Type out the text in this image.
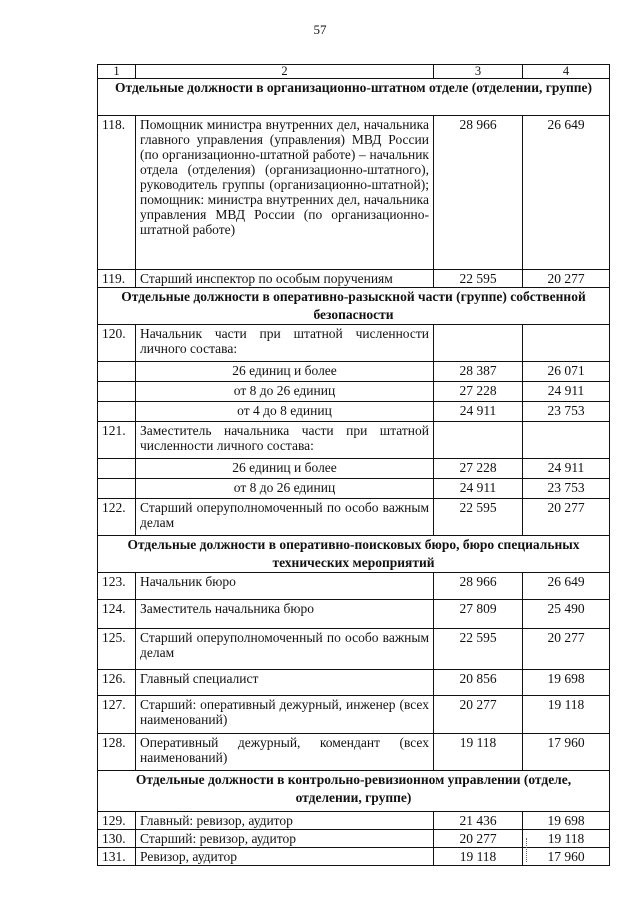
57
1	2	3	4
Отдельные должности в организационно-штатном отделе (отделении, группе)			
118.	Помощник министра внутренних дел, начальника главного управления (управления) МВД России (по организационно-штатной работе) – начальник отдела (отделения) (организационно-штатного), руководитель группы (организационно-штатной); помощник: министра внутренних дел, начальника управления МВД России (по организационно-штатной работе)	28 966	26 649
119.	Старший инспектор по особым поручениям	22 595	20 277
Отдельные должности в оперативно-разыскной части (группе) собственной безопасности			
120.	Начальник части при штатной численности личного состава:		
	26 единиц и более	28 387	26 071
	от 8 до 26 единиц	27 228	24 911
	от 4 до 8 единиц	24 911	23 753
121.	Заместитель начальника части при штатной численности личного состава:		
	26 единиц и более	27 228	24 911
	от 8 до 26 единиц	24 911	23 753
122.	Старший оперуполномоченный по особо важным делам	22 595	20 277
Отдельные должности в оперативно-поисковых бюро, бюро специальных технических мероприятий			
123.	Начальник бюро	28 966	26 649
124.	Заместитель начальника бюро	27 809	25 490
125.	Старший оперуполномоченный по особо важным делам	22 595	20 277
126.	Главный специалист	20 856	19 698
127.	Старший: оперативный дежурный, инженер (всех наименований)	20 277	19 118
128.	Оперативный дежурный, комендант (всех наименований)	19 118	17 960
Отдельные должности в контрольно-ревизионном управлении (отделе, отделении, группе)			
129.	Главный: ревизор, аудитор	21 436	19 698
130.	Старший: ревизор, аудитор	20 277	19 118
131.	Ревизор, аудитор	19 118	17 960
